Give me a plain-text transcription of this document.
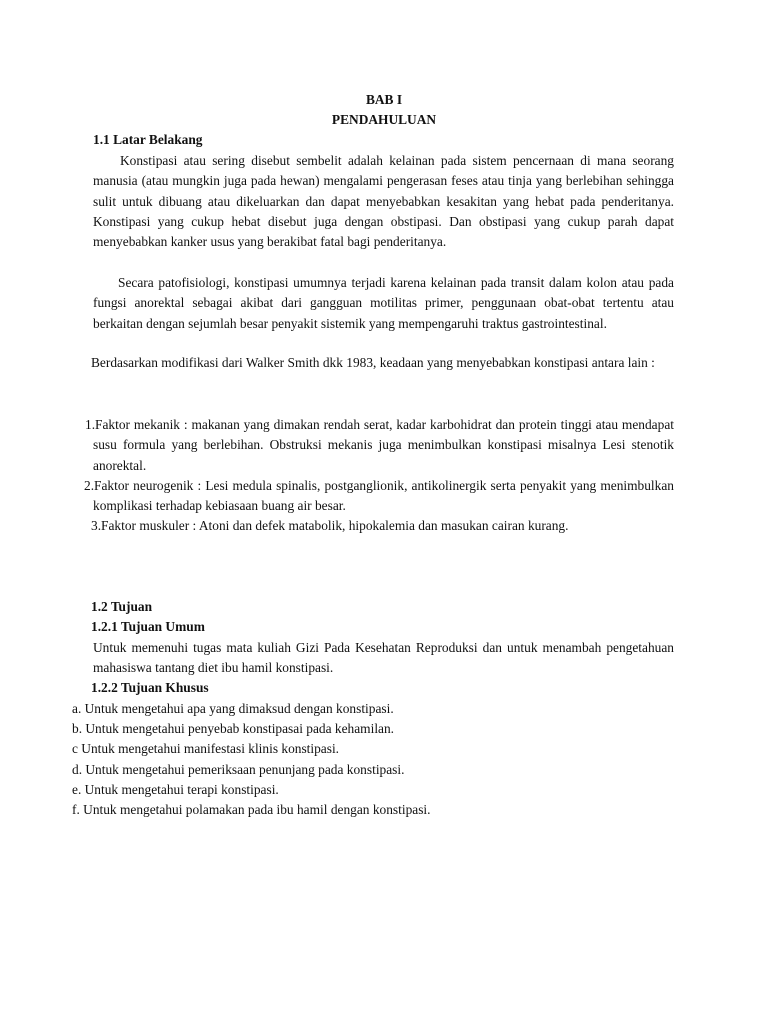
BAB I
PENDAHULUAN
1.1 Latar Belakang

Konstipasi atau sering disebut sembelit adalah kelainan pada sistem pencernaan di mana seorang manusia (atau mungkin juga pada hewan) mengalami pengerasan feses atau tinja yang berlebihan sehingga sulit untuk dibuang atau dikeluarkan dan dapat menyebabkan kesakitan yang hebat pada penderitanya. Konstipasi yang cukup hebat disebut juga dengan obstipasi. Dan obstipasi yang cukup parah dapat menyebabkan kanker usus yang berakibat fatal bagi penderitanya.

Secara patofisiologi, konstipasi umumnya terjadi karena kelainan pada transit dalam kolon atau pada fungsi anorektal sebagai akibat dari gangguan motilitas primer, penggunaan obat-obat tertentu atau berkaitan dengan sejumlah besar penyakit sistemik yang mempengaruhi traktus gastrointestinal.

Berdasarkan modifikasi dari Walker Smith dkk 1983, keadaan yang menyebabkan konstipasi antara lain :

1.Faktor mekanik : makanan yang dimakan rendah serat, kadar karbohidrat dan protein tinggi atau mendapat susu formula yang berlebihan. Obstruksi mekanis juga menimbulkan konstipasi misalnya Lesi stenotik anorektal.

2.Faktor neurogenik : Lesi medula spinalis, postganglionik, antikolinergik serta penyakit yang menimbulkan komplikasi terhadap kebiasaan buang air besar.

3.Faktor muskuler : Atoni dan defek matabolik, hipokalemia dan masukan cairan kurang.
1.2 Tujuan
1.2.1 Tujuan Umum

Untuk memenuhi tugas mata kuliah Gizi Pada Kesehatan Reproduksi dan untuk menambah pengetahuan mahasiswa tantang diet ibu hamil konstipasi.

1.2.2 Tujuan Khusus
a. Untuk mengetahui apa yang dimaksud dengan konstipasi.
b. Untuk mengetahui penyebab konstipasai pada kehamilan.
c Untuk mengetahui manifestasi klinis konstipasi.
d. Untuk mengetahui pemeriksaan penunjang pada konstipasi.
e. Untuk mengetahui terapi konstipasi.
f. Untuk mengetahui polamakan pada ibu hamil dengan konstipasi.
